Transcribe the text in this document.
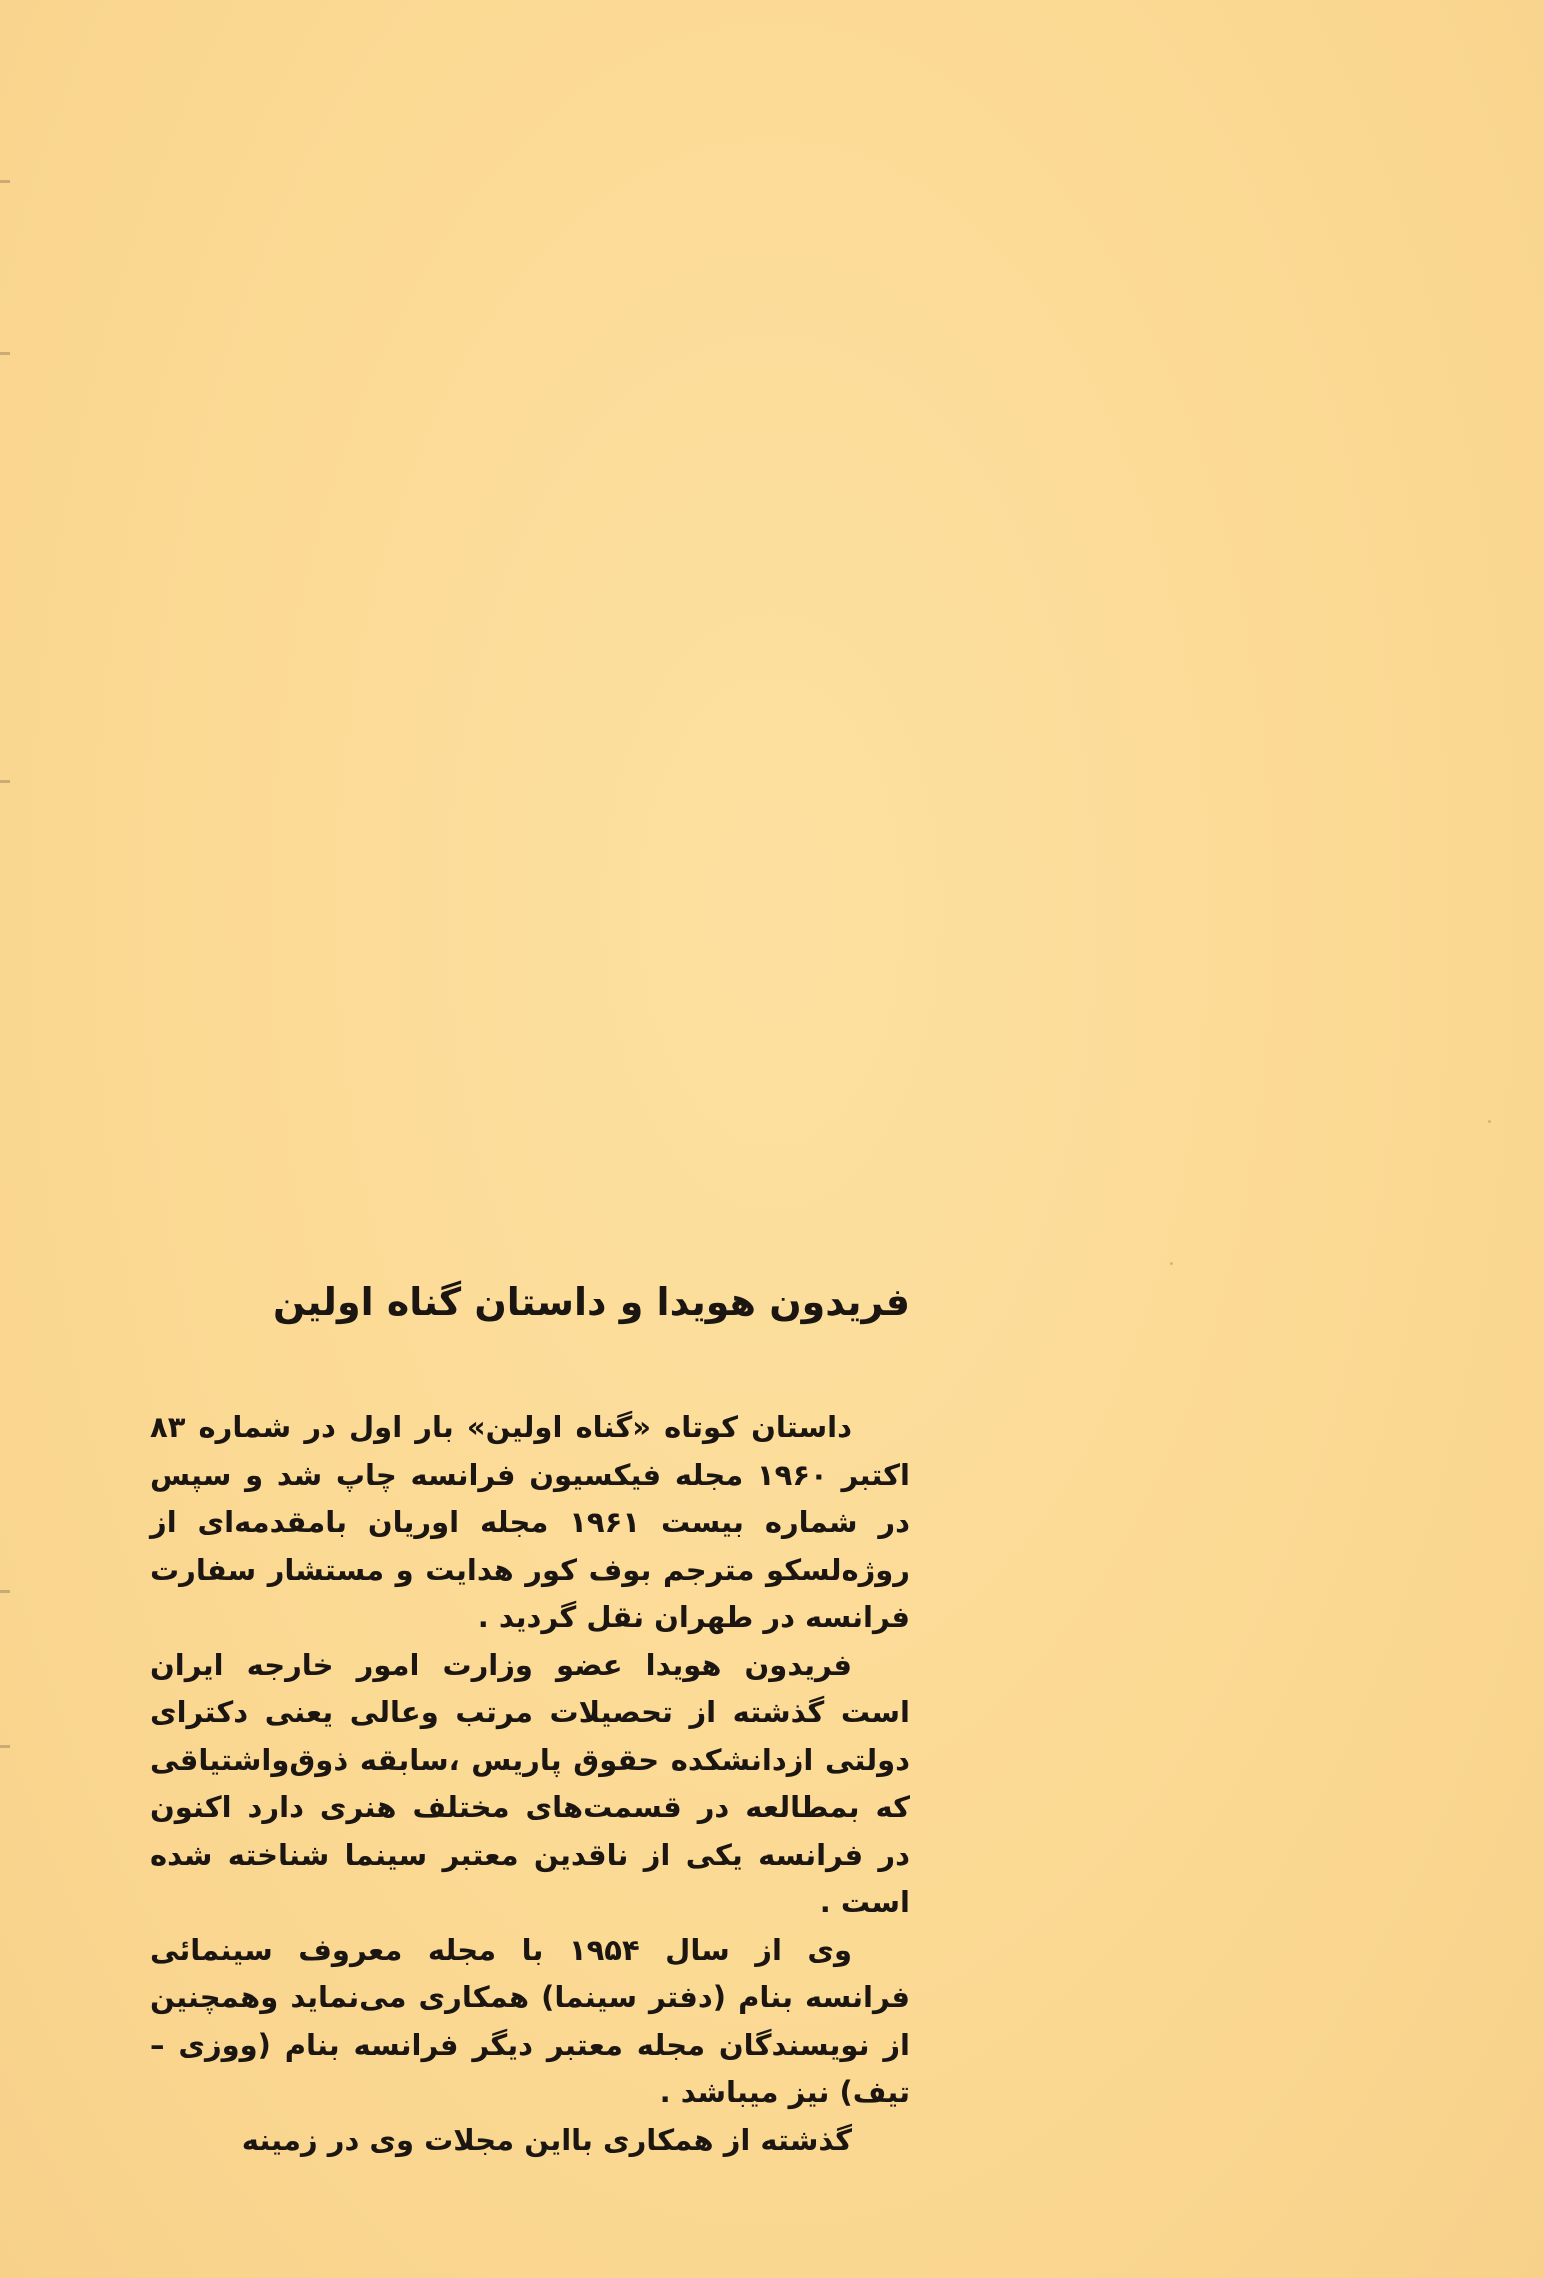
فریدون هویدا و داستان گناه اولین

داستان کوتاه «گناه اولین» بار اول در شماره ۸۳ اکتبر ۱۹۶۰ مجله فیکسیون فرانسه چاپ شد و سپس در شماره بیست ۱۹۶۱ مجله اوریان بامقدمه‌ای از روژه‌لسکو مترجم بوف کور هدایت و مستشار سفارت فرانسه در طهران نقل گردید .

فریدون هویدا عضو وزارت امور خارجه ایران است گذشته از تحصیلات مرتب وعالی یعنی دکترای دولتی ازدانشکده حقوق پاریس ،سابقه ذوق‌واشتیاقی که بمطالعه در قسمت‌های مختلف هنری دارد اکنون در فرانسه یکی از ناقدین معتبر سینما شناخته شده است .

وی از سال ۱۹۵۴ با مجله معروف سینمائی فرانسه بنام (دفتر سینما) همکاری می‌نماید وهمچنین از نویسندگان مجله معتبر دیگر فرانسه بنام (ووزی – تیف) نیز میباشد .

گذشته از همکاری بااین مجلات وی در زمینه
